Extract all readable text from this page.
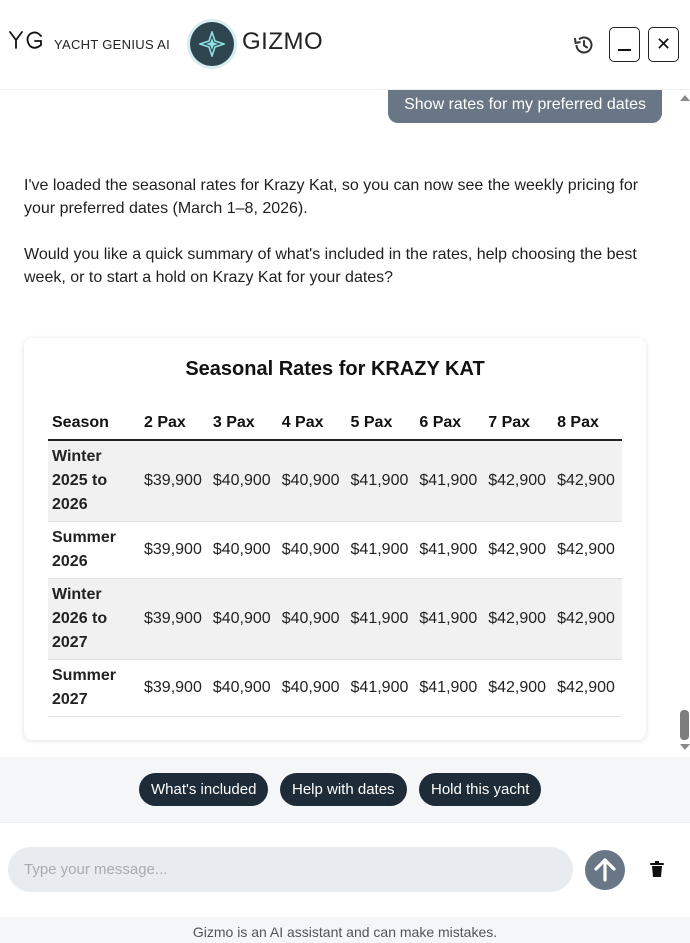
YACHT GENIUS AI	GIZMO	✕
Show rates for my preferred dates

I've loaded the seasonal rates for Krazy Kat, so you can now see the weekly pricing for your preferred dates (March 1–8, 2026).

Would you like a quick summary of what's included in the rates, help choosing the best week, or to start a hold on Krazy Kat for your dates?

Seasonal Rates for KRAZY KAT
Season	2 Pax	3 Pax	4 Pax	5 Pax	6 Pax	7 Pax	8 Pax

Winter
2025 to
2026	$39,900	$40,900	$40,900	$41,900	$41,900	$42,900	$42,900

Summer
2026	$39,900	$40,900	$40,900	$41,900	$41,900	$42,900	$42,900

Winter
2026 to
2027	$39,900	$40,900	$40,900	$41,900	$41,900	$42,900	$42,900

Summer
2027	$39,900	$40,900	$40,900	$41,900	$41,900	$42,900	$42,900
What's included	Help with dates	Hold this yacht
Type your message...
Gizmo is an AI assistant and can make mistakes.
